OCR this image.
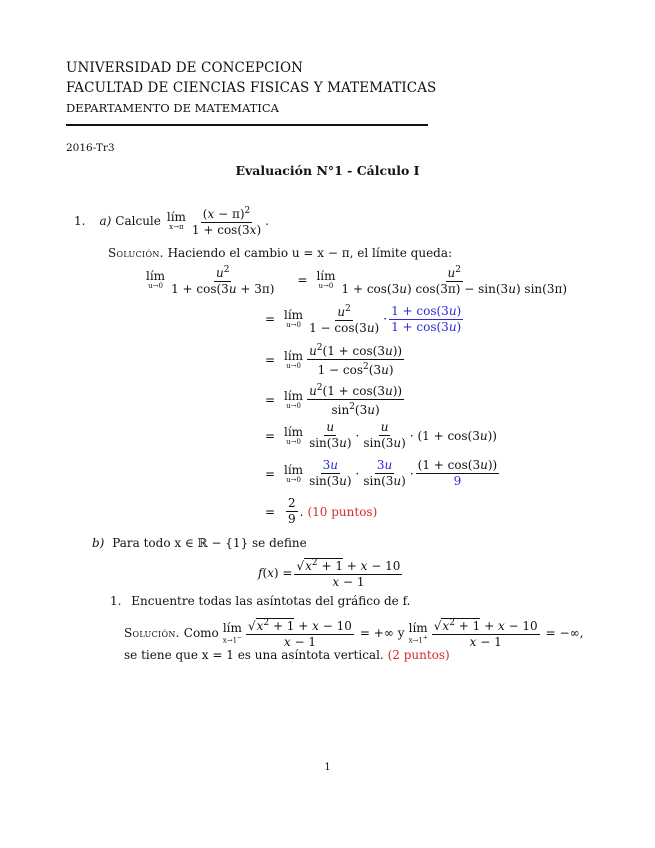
UNIVERSIDAD DE CONCEPCION
FACULTAD DE CIENCIAS FISICAS Y MATEMATICAS
DEPARTAMENTO DE MATEMATICA
2016-Tr3
Evaluación N°1 - Cálculo I
1. a) Calcule lím
$x\to\pi \frac{(x - \pi)^2}{1 + \cos(3x)}$ .
Solución. Haciendo el cambio u = x − π, el límite queda:
lím
$u\to 0 \frac{u^2}{1 + \cos(3u + 3\pi)}$	= lím
$u\to 0 \frac{u^2}{1 + \cos(3u) \cos(3\pi) - \sin(3u) \sin(3\pi)}$
= lím
$u\to 0 \frac{u^2}{1 - \cos(3u)} \cdot \frac{1 + \cos(3u)}{1 + \cos(3u)}$
= lím
$u\to 0 \frac{u^2(1 + \cos(3u))}{1 - \cos^2(3u)}$
= lím
$u\to 0 \frac{u^2(1 + \cos(3u))}{\sin^2(3u)}$
= lím
$u\to 0 \frac{u}{\sin(3u)} \cdot \frac{u}{\sin(3u)} \cdot (1 + \cos(3$ u ))
= lím
$u\to 0 \frac{3u}{\sin(3u)} \cdot \frac{3u}{\sin(3u)} \cdot \frac{(1 + \cos(3u))}{9}$
= $\frac{2}{9}$ . (10 puntos)
b) Para todo x ∈ ℝ − {1} se define
$f(x) = \frac{√x^2 + 1 + x - 10}{x - 1}$
1. Encuentre todas las asíntotas del gráfico de f.
Solución. Como lím
$x\to 1^- \frac{√x^2 + 1 + x - 10}{x - 1}$ = +∞ y lím
$x\to 1^+ \frac{√x^2 + 1 + x - 10}{x - 1}$ = −∞,
se tiene que x = 1 es una asíntota vertical. (2 puntos)
1
